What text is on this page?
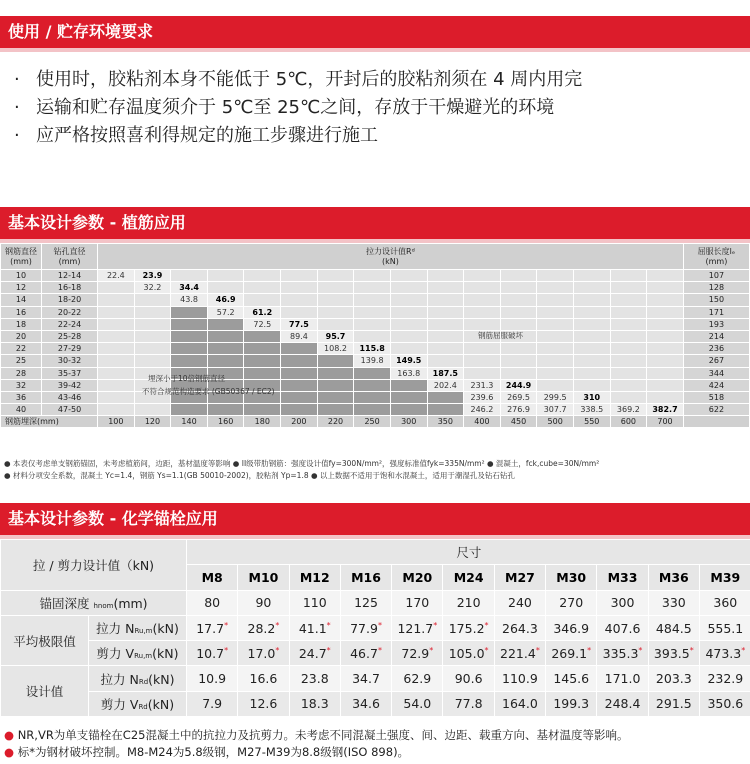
使用 / 贮存环境要求
· 使用时，胶粘剂本身不能低于 5℃，开封后的胶粘剂须在 4 周内用完
· 运输和贮存温度须介于 5℃至 25℃之间，存放于干燥避光的环境
· 应严格按照喜利得规定的施工步骤进行施工
基本设计参数 - 植筋应用
钢筋直径
(mm)	钻孔直径
(mm)	拉力设计值Rᵈ
(kN)																屈服长度lₑ
(mm)
10	12-14	22.4	23.9															107
12	16-18		32.2	34.4														128
14	18-20			43.8	46.9													150
16	20-22				57.2	61.2												171
18	22-24					72.5	77.5											193
20	25-28						89.4	95.7										214
22	27-29							108.2	115.8									236
25	30-32								139.8	149.5								267
28	35-37									163.8	187.5							344
32	39-42										202.4	231.3	244.9					424
36	43-46											239.6	269.5	299.5	310			518
40	47-50											246.2	276.9	307.7	338.5	369.2	382.7	622
钢筋埋深(mm)		100	120	140	160	180	200	220	250	300	350	400	450	500	550	600	700	
钢筋屈服破坏
埋深小于10倍钢筋直径
不符合规范构造要求 (GB50367 / EC2)
● 本表仅考虑单支钢筋锚固，未考虑植筋间，边距，基材温度等影响 ● II级带肋钢筋：强度设计值fy=300N/mm²，强度标准值fyk=335N/mm² ● 混凝土，fck,cube=30N/mm²
● 材料分项安全系数，混凝土 Yc=1.4，钢筋 Ys=1.1(GB 50010-2002)，胶粘剂 Yp=1.8 ● 以上数据不适用于饱和水混凝土，适用于潮湿孔及钻石钻孔
基本设计参数 - 化学锚栓应用
拉 / 剪力设计值（kN)		尺寸										
		M8	M10	M12	M16	M20	M24	M27	M30	M33	M36	M39
锚固深度 hnom(mm)		80	90	110	125	170	210	240	270	300	330	360
平均极限值	拉力 NRu,m(kN)	17.7*	28.2*	41.1*	77.9*	121.7*	175.2*	264.3	346.9	407.6	484.5	555.1
	剪力 VRu,m(kN)	10.7*	17.0*	24.7*	46.7*	72.9*	105.0*	221.4*	269.1*	335.3*	393.5*	473.3*
设计值	拉力 NRd(kN)	10.9	16.6	23.8	34.7	62.9	90.6	110.9	145.6	171.0	203.3	232.9
	剪力 VRd(kN)	7.9	12.6	18.3	34.6	54.0	77.8	164.0	199.3	248.4	291.5	350.6
● NR,VR为单支锚栓在C25混凝土中的抗拉力及抗剪力。未考虑不同混凝土强度、间、边距、载重方向、基材温度等影响。
● 标*为钢材破坏控制。M8-M24为5.8级钢，M27-M39为8.8级钢(ISO 898)。
